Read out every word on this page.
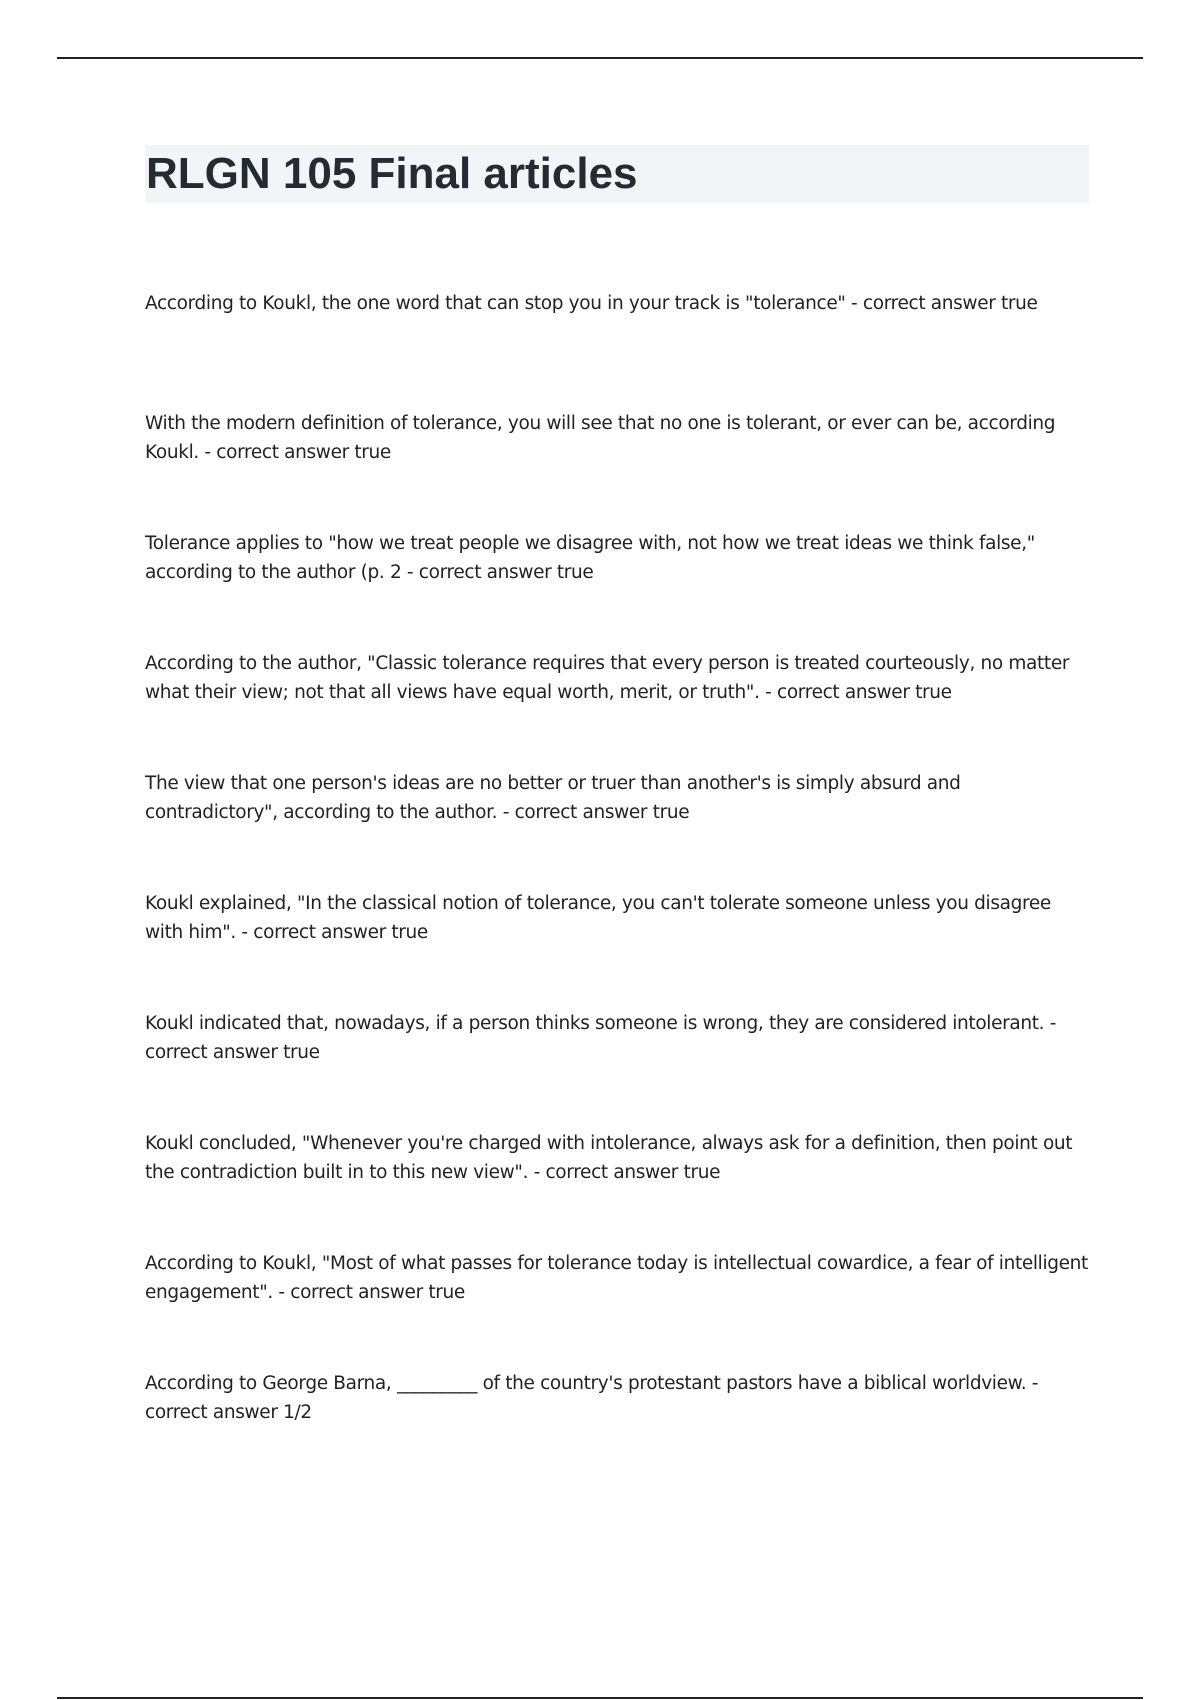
RLGN 105 Final articles
According to Koukl, the one word that can stop you in your track is "tolerance" - correct answer true
With the modern definition of tolerance, you will see that no one is tolerant, or ever can be, according Koukl. - correct answer true
Tolerance applies to "how we treat people we disagree with, not how we treat ideas we think false," according to the author (p. 2 - correct answer true
According to the author, "Classic tolerance requires that every person is treated courteously, no matter what their view; not that all views have equal worth, merit, or truth". - correct answer true
The view that one person's ideas are no better or truer than another's is simply absurd and contradictory", according to the author. - correct answer true
Koukl explained, "In the classical notion of tolerance, you can't tolerate someone unless you disagree with him". - correct answer true
Koukl indicated that, nowadays, if a person thinks someone is wrong, they are considered intolerant. - correct answer true
Koukl concluded, "Whenever you're charged with intolerance, always ask for a definition, then point out the contradiction built in to this new view". - correct answer true
According to Koukl, "Most of what passes for tolerance today is intellectual cowardice, a fear of intelligent engagement". - correct answer true
According to George Barna, _________ of the country's protestant pastors have a biblical worldview. - correct answer 1/2
